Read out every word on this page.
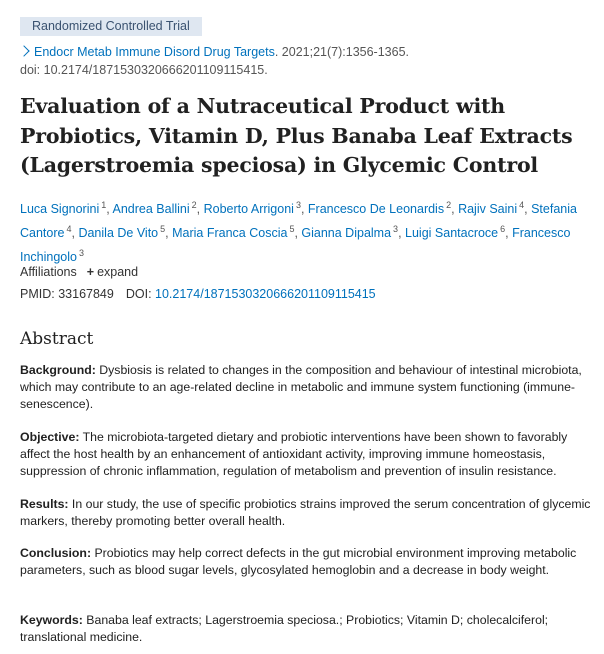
Randomized Controlled Trial
Endocr Metab Immune Disord Drug Targets. 2021;21(7):1356-1365.
doi: 10.2174/1871530320666201109115415.
Evaluation of a Nutraceutical Product with Probiotics, Vitamin D, Plus Banaba Leaf Extracts (Lagerstroemia speciosa) in Glycemic Control
Luca Signorini $^1$, Andrea Ballini $^2$, Roberto Arrigoni $^3$, Francesco De Leonardis $^2$, Rajiv Saini $^4$, Stefania Cantore $^4$, Danila De Vito $^5$, Maria Franca Coscia $^5$, Gianna Dipalma $^3$, Luigi Santacroce $^6$, Francesco Inchingolo $^3$
Affiliations + expand
PMID: 33167849 DOI: 10.2174/1871530320666201109115415
Abstract

Background: Dysbiosis is related to changes in the composition and behaviour of intestinal microbiota, which may contribute to an age-related decline in metabolic and immune system functioning (immune-senescence).

Objective: The microbiota-targeted dietary and probiotic interventions have been shown to favorably affect the host health by an enhancement of antioxidant activity, improving immune homeostasis, suppression of chronic inflammation, regulation of metabolism and prevention of insulin resistance.

Results: In our study, the use of specific probiotics strains improved the serum concentration of glycemic markers, thereby promoting better overall health.

Conclusion: Probiotics may help correct defects in the gut microbial environment improving metabolic parameters, such as blood sugar levels, glycosylated hemoglobin and a decrease in body weight.

Keywords: Banaba leaf extracts; Lagerstroemia speciosa.; Probiotics; Vitamin D; cholecalciferol; translational medicine.
